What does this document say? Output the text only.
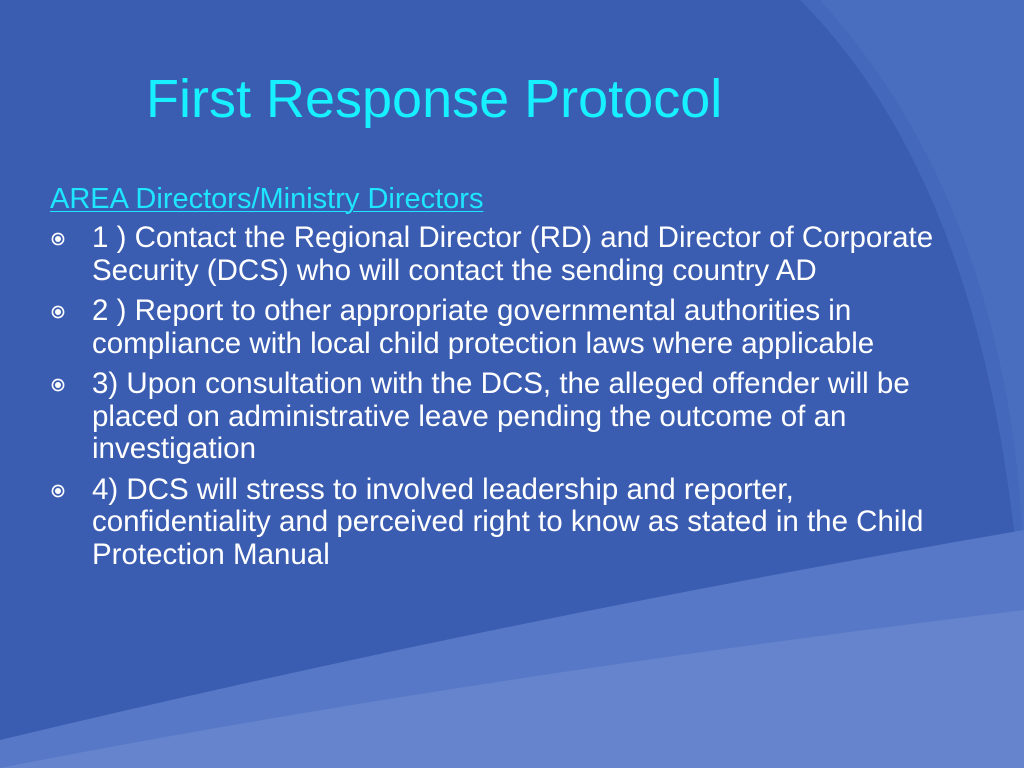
First Response Protocol
AREA Directors/Ministry Directors
1 ) Contact the Regional Director (RD) and Director of Corporate Security (DCS) who will contact the sending country AD
2 ) Report to other appropriate governmental authorities in compliance with local child protection laws where applicable
3) Upon consultation with the DCS, the alleged offender will be placed on administrative leave pending the outcome of an investigation
4) DCS will stress to involved leadership and reporter, confidentiality and perceived right to know as stated in the Child Protection Manual
